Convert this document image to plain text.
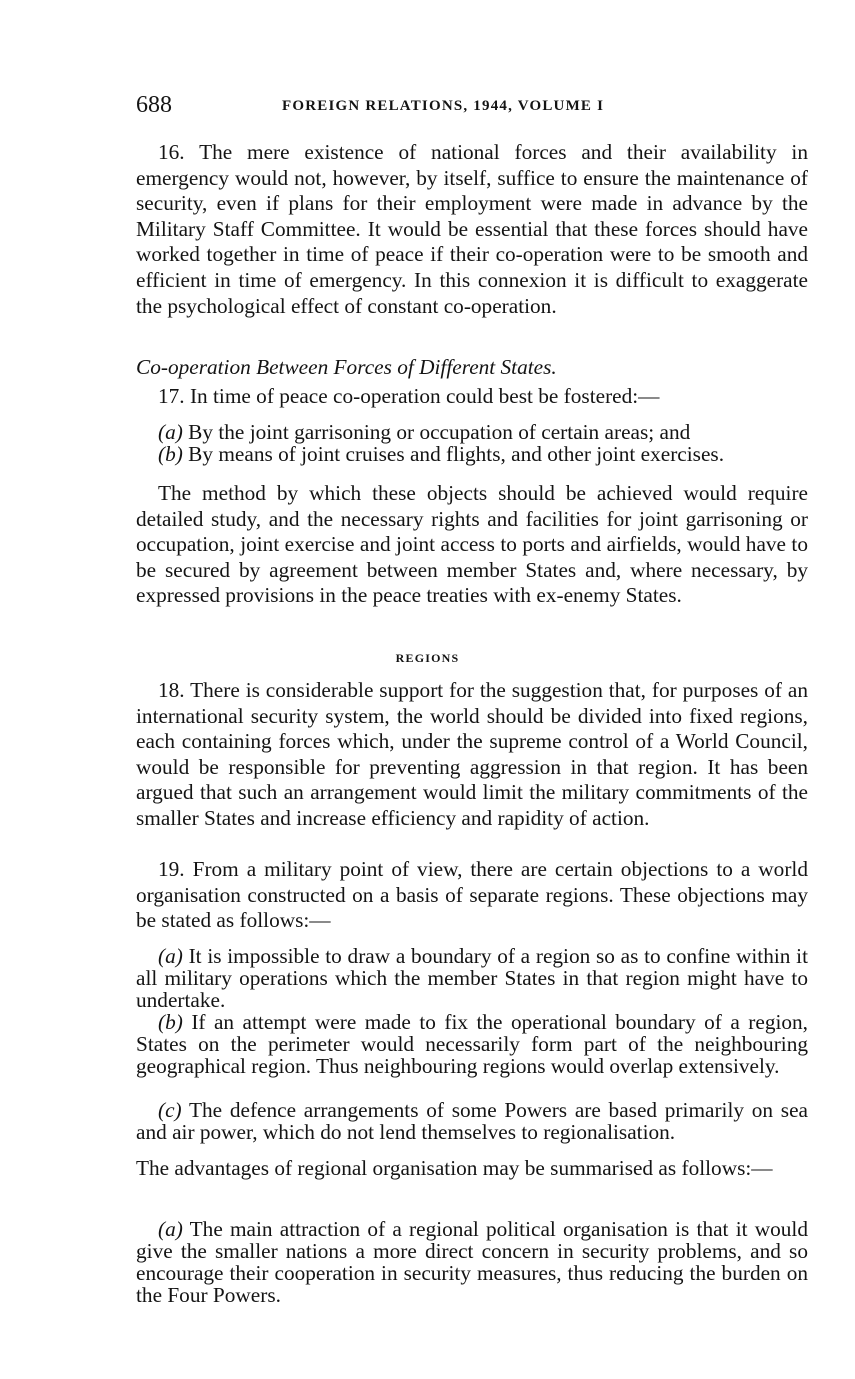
688	FOREIGN RELATIONS, 1944, VOLUME I

16. The mere existence of national forces and their availability in emergency would not, however, by itself, suffice to ensure the maintenance of security, even if plans for their employment were made in advance by the Military Staff Committee. It would be essential that these forces should have worked together in time of peace if their co-operation were to be smooth and efficient in time of emergency. In this connexion it is difficult to exaggerate the psychological effect of constant co-operation.

Co-operation Between Forces of Different States.

17. In time of peace co-operation could best be fostered:—

(a) By the joint garrisoning or occupation of certain areas; and

(b) By means of joint cruises and flights, and other joint exercises.

The method by which these objects should be achieved would require detailed study, and the necessary rights and facilities for joint garrisoning or occupation, joint exercise and joint access to ports and airfields, would have to be secured by agreement between member States and, where necessary, by expressed provisions in the peace treaties with ex-enemy States.

REGIONS

18. There is considerable support for the suggestion that, for purposes of an international security system, the world should be divided into fixed regions, each containing forces which, under the supreme control of a World Council, would be responsible for preventing aggression in that region. It has been argued that such an arrangement would limit the military commitments of the smaller States and increase efficiency and rapidity of action.

19. From a military point of view, there are certain objections to a world organisation constructed on a basis of separate regions. These objections may be stated as follows:—

(a) It is impossible to draw a boundary of a region so as to confine within it all military operations which the member States in that region might have to undertake.

(b) If an attempt were made to fix the operational boundary of a region, States on the perimeter would necessarily form part of the neighbouring geographical region. Thus neighbouring regions would overlap extensively.

(c) The defence arrangements of some Powers are based primarily on sea and air power, which do not lend themselves to regionalisation.

The advantages of regional organisation may be summarised as follows:—

(a) The main attraction of a regional political organisation is that it would give the smaller nations a more direct concern in security problems, and so encourage their cooperation in security measures, thus reducing the burden on the Four Powers.
